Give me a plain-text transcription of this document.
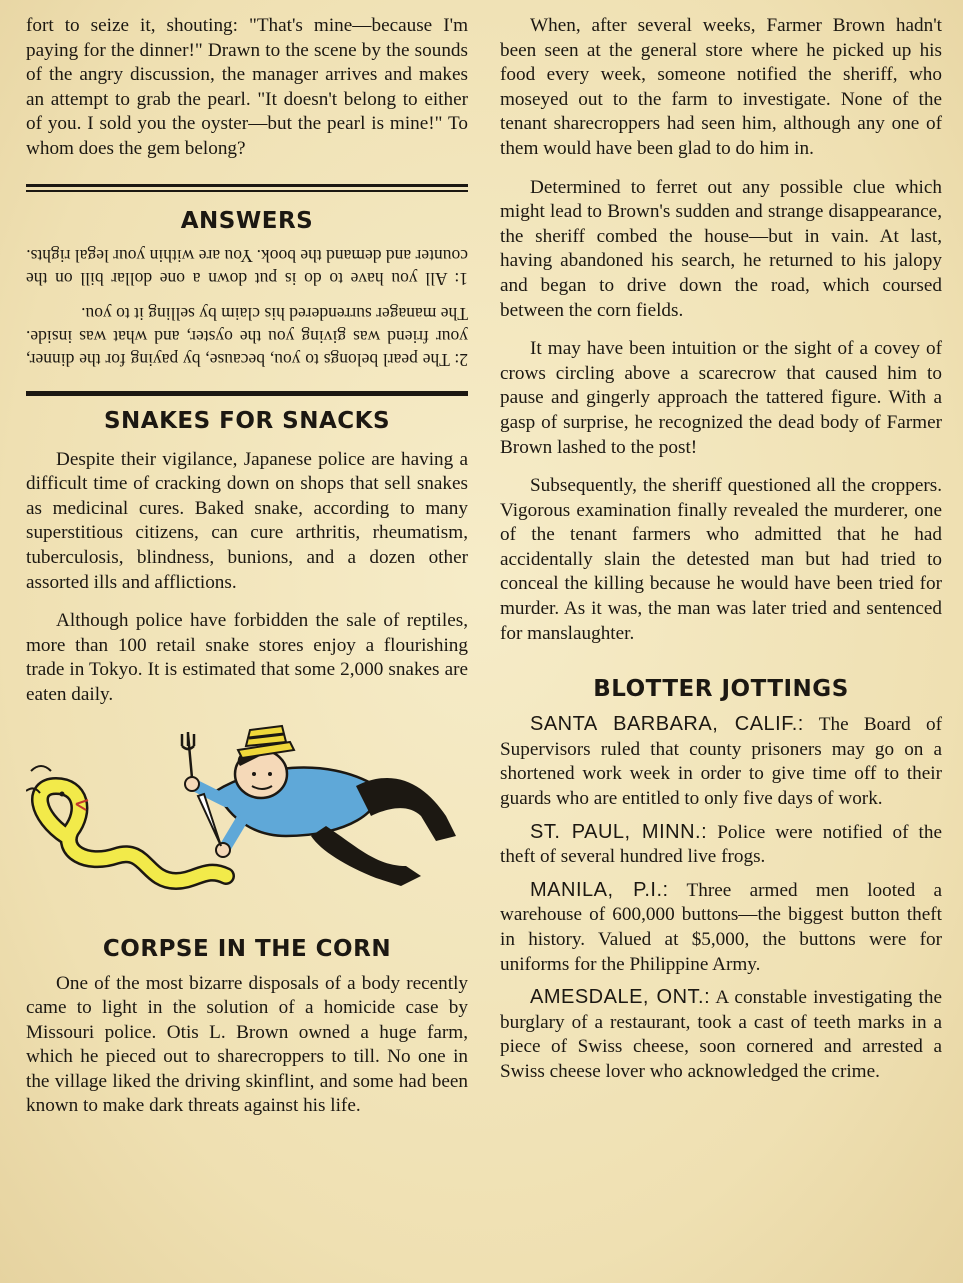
fort to seize it, shouting: "That's mine—because I'm paying for the dinner!" Drawn to the scene by the sounds of the angry discussion, the manager arrives and makes an attempt to grab the pearl. "It doesn't belong to either of you. I sold you the oyster—but the pearl is mine!" To whom does the gem belong?

ANSWERS

2: The pearl belongs to you, because, by paying for the dinner, your friend was giving you the oyster, and what was inside. The manager surrendered his claim by selling it to you.

1: All you have to do is put down a one dollar bill on the counter and demand the book. You are within your legal rights.

SNAKES FOR SNACKS

Despite their vigilance, Japanese police are having a difficult time of cracking down on shops that sell snakes as medicinal cures. Baked snake, according to many superstitious citizens, can cure arthritis, rheumatism, tuberculosis, blindness, bunions, and a dozen other assorted ills and afflictions.

Although police have forbidden the sale of reptiles, more than 100 retail snake stores enjoy a flourishing trade in Tokyo. It is estimated that some 2,000 snakes are eaten daily.

CORPSE IN THE CORN

One of the most bizarre disposals of a body recently came to light in the solution of a homicide case by Missouri police. Otis L. Brown owned a huge farm, which he pieced out to sharecroppers to till. No one in the village liked the driving skinflint, and some had been known to make dark threats against his life.

When, after several weeks, Farmer Brown hadn't been seen at the general store where he picked up his food every week, someone notified the sheriff, who moseyed out to the farm to investigate. None of the tenant sharecroppers had seen him, although any one of them would have been glad to do him in.

Determined to ferret out any possible clue which might lead to Brown's sudden and strange disappearance, the sheriff combed the house—but in vain. At last, having abandoned his search, he returned to his jalopy and began to drive down the road, which coursed between the corn fields.

It may have been intuition or the sight of a covey of crows circling above a scarecrow that caused him to pause and gingerly approach the tattered figure. With a gasp of surprise, he recognized the dead body of Farmer Brown lashed to the post!

Subsequently, the sheriff questioned all the croppers. Vigorous examination finally revealed the murderer, one of the tenant farmers who admitted that he had accidentally slain the detested man but had tried to conceal the killing because he would have been tried for murder. As it was, the man was later tried and sentenced for manslaughter.

BLOTTER JOTTINGS

SANTA BARBARA, CALIF.: The Board of Supervisors ruled that county prisoners may go on a shortened work week in order to give time off to their guards who are entitled to only five days of work.

ST. PAUL, MINN.: Police were notified of the theft of several hundred live frogs.

MANILA, P.I.: Three armed men looted a warehouse of 600,000 buttons—the biggest button theft in history. Valued at $5,000, the buttons were for uniforms for the Philippine Army.

AMESDALE, ONT.: A constable investigating the burglary of a restaurant, took a cast of teeth marks in a piece of Swiss cheese, soon cornered and arrested a Swiss cheese lover who acknowledged the crime.
